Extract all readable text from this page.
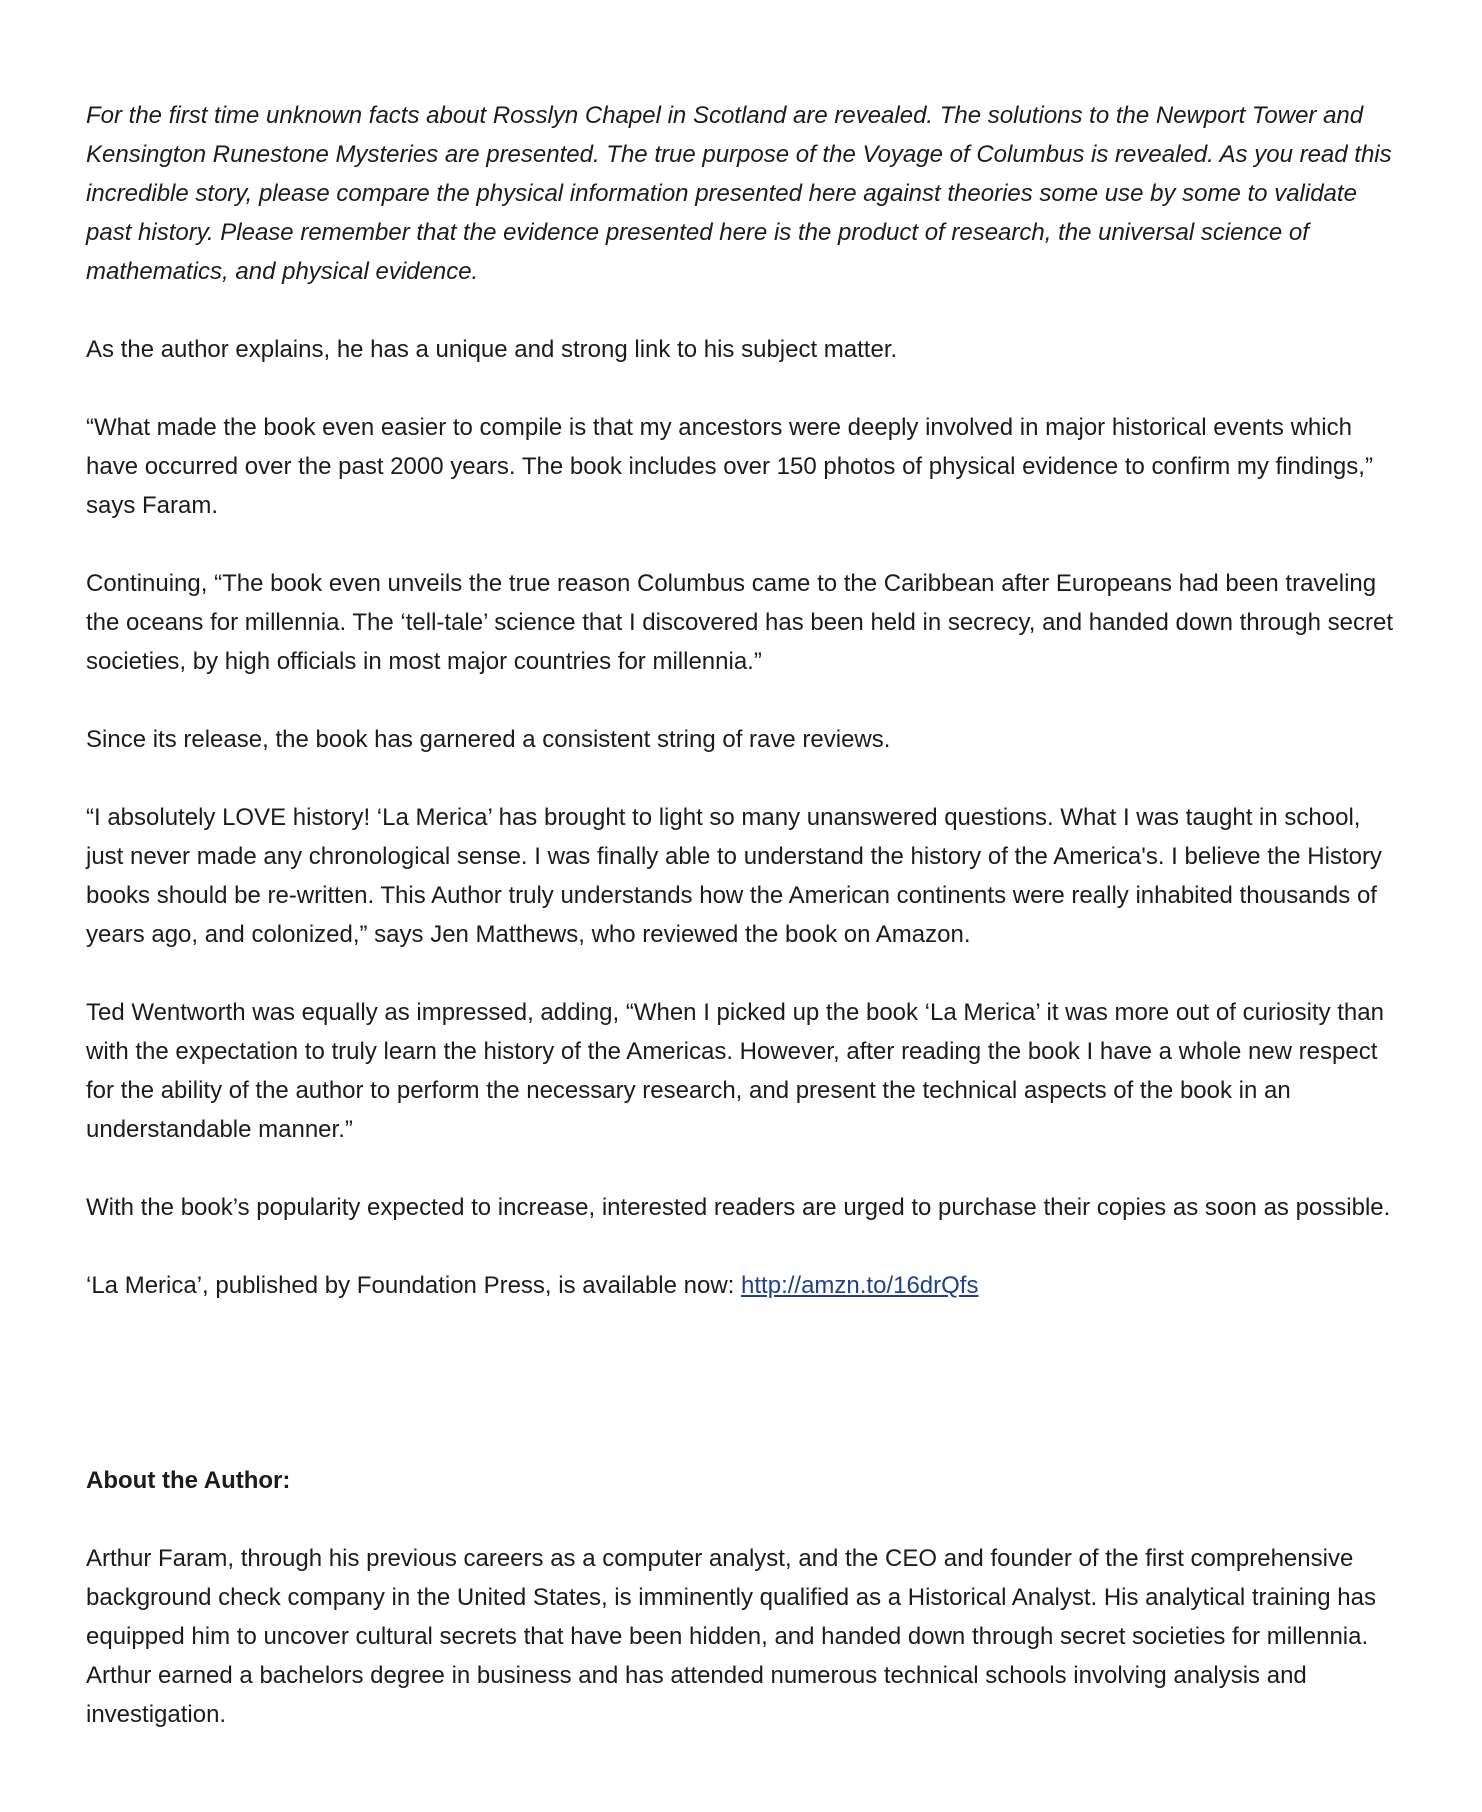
For the first time unknown facts about Rosslyn Chapel in Scotland are revealed. The solutions to the Newport Tower and Kensington Runestone Mysteries are presented. The true purpose of the Voyage of Columbus is revealed. As you read this incredible story, please compare the physical information presented here against theories some use by some to validate past history. Please remember that the evidence presented here is the product of research, the universal science of mathematics, and physical evidence.

As the author explains, he has a unique and strong link to his subject matter.

“What made the book even easier to compile is that my ancestors were deeply involved in major historical events which have occurred over the past 2000 years. The book includes over 150 photos of physical evidence to confirm my findings,” says Faram.

Continuing, “The book even unveils the true reason Columbus came to the Caribbean after Europeans had been traveling the oceans for millennia. The ‘tell-tale’ science that I discovered has been held in secrecy, and handed down through secret societies, by high officials in most major countries for millennia.”

Since its release, the book has garnered a consistent string of rave reviews.

“I absolutely LOVE history! ‘La Merica’ has brought to light so many unanswered questions. What I was taught in school, just never made any chronological sense. I was finally able to understand the history of the America's. I believe the History books should be re-written. This Author truly understands how the American continents were really inhabited thousands of years ago, and colonized,” says Jen Matthews, who reviewed the book on Amazon.

Ted Wentworth was equally as impressed, adding, “When I picked up the book ‘La Merica’ it was more out of curiosity than with the expectation to truly learn the history of the Americas. However, after reading the book I have a whole new respect for the ability of the author to perform the necessary research, and present the technical aspects of the book in an understandable manner.”

With the book’s popularity expected to increase, interested readers are urged to purchase their copies as soon as possible.

‘La Merica’, published by Foundation Press, is available now: http://amzn.to/16drQfs

About the Author:

Arthur Faram, through his previous careers as a computer analyst, and the CEO and founder of the first comprehensive background check company in the United States, is imminently qualified as a Historical Analyst. His analytical training has equipped him to uncover cultural secrets that have been hidden, and handed down through secret societies for millennia. Arthur earned a bachelors degree in business and has attended numerous technical schools involving analysis and investigation.
